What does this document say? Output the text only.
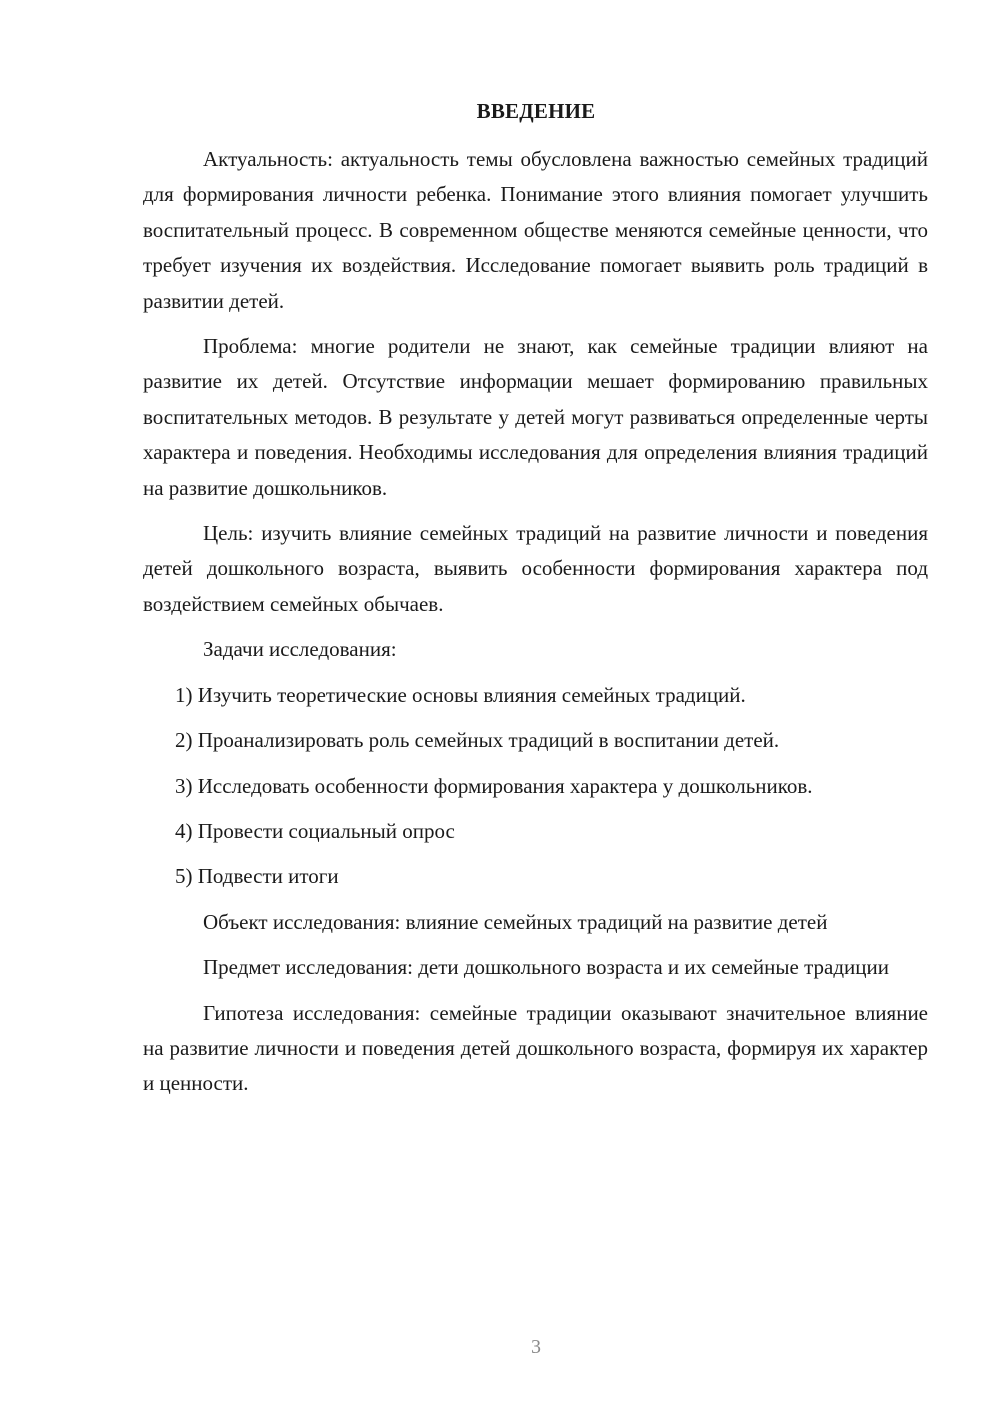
ВВЕДЕНИЕ

Актуальность: актуальность темы обусловлена важностью семейных традиций для формирования личности ребенка. Понимание этого влияния помогает улучшить воспитательный процесс. В современном обществе меняются семейные ценности, что требует изучения их воздействия. Исследование помогает выявить роль традиций в развитии детей.

Проблема: многие родители не знают, как семейные традиции влияют на развитие их детей. Отсутствие информации мешает формированию правильных воспитательных методов. В результате у детей могут развиваться определенные черты характера и поведения. Необходимы исследования для определения влияния традиций на развитие дошкольников.

Цель: изучить влияние семейных традиций на развитие личности и поведения детей дошкольного возраста, выявить особенности формирования характера под воздействием семейных обычаев.

Задачи исследования:

1) Изучить теоретические основы влияния семейных традиций.

2) Проанализировать роль семейных традиций в воспитании детей.

3) Исследовать особенности формирования характера у дошкольников.

4) Провести социальный опрос

5) Подвести итоги

Объект исследования: влияние семейных традиций на развитие детей

Предмет исследования: дети дошкольного возраста и их семейные традиции

Гипотеза исследования: семейные традиции оказывают значительное влияние на развитие личности и поведения детей дошкольного возраста, формируя их характер и ценности.

3
